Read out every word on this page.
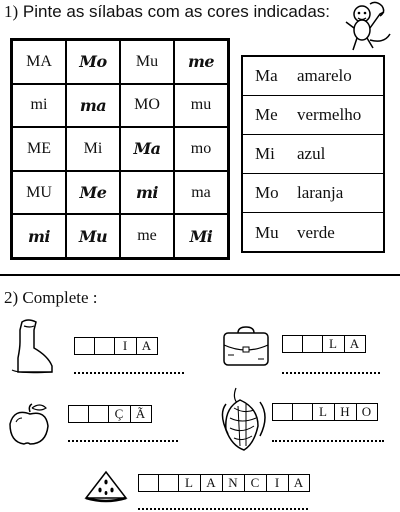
1) Pinte as sílabas com as cores indicadas:
MA	Mo	Mu	me
mi	ma	MO	mu
ME	Mi	Ma	mo
MU	Me	mi	ma
mi	Mu	me	Mi
Ma	amarelo
Me	vermelho
Mi	azul
Mo	laranja
Mu	verde
2) Complete :
I	A	L A
Ç Ã	L H O
L A N C	I	A
